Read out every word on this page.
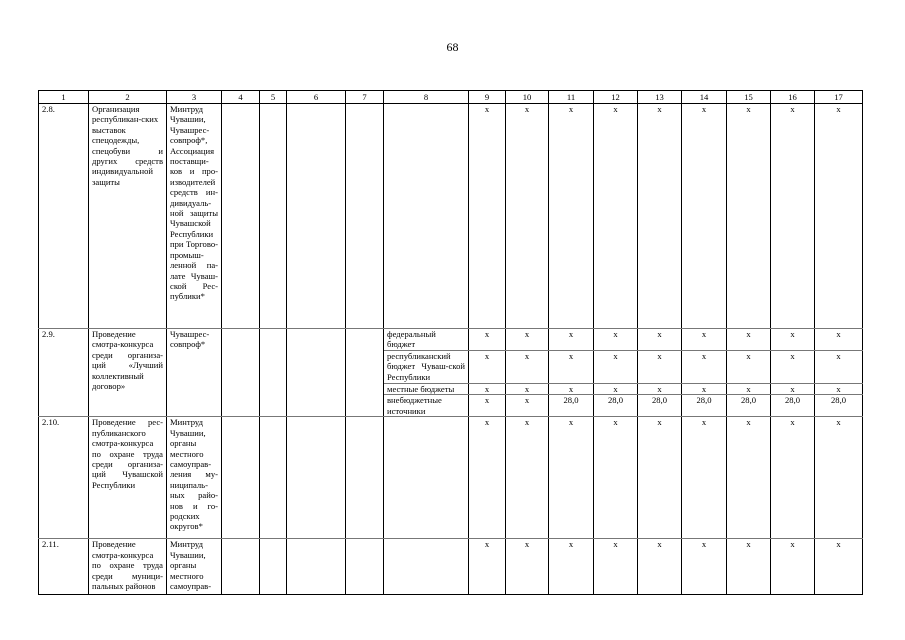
68
1	2	3	4	5	6	7	8	9	10	11	12	13	14	15	16	17
2.8.	Организация республикан-ских выставок спецодежды, спецобуви и других средств индивидуальной защиты	Минтруд Чувашии, Чувашрес-совпроф*, Ассоциация поставщи-ков и про-изводителей средств ин-дивидуаль-ной защиты Чувашской Республики при Торгово-промыш-ленной па-лате Чуваш-ской Рес-публики*						х	х	х	х	х	х	х	х	х
2.9.	Проведение смотра-конкурса среди организа-ций «Лучший коллективный договор»	Чувашрес-совпроф*					федеральный бюджет	х	х	х	х	х	х	х	х	х
							республиканский бюджет Чуваш-ской Республики	х	х	х	х	х	х	х	х	х
							местные бюджеты	х	х	х	х	х	х	х	х	х
							внебюджетные источники	х	х	28,0	28,0	28,0	28,0	28,0	28,0	28,0
2.10.	Проведение рес-публиканского смотра-конкурса по охране труда среди организа-ций Чувашской Республики	Минтруд Чувашии, органы местного самоуправ-ления му-ниципаль-ных райо-нов и го-родских округов*						х	х	х	х	х	х	х	х	х
2.11.	Проведение смотра-конкурса по охране труда среди муници-пальных районов	Минтруд Чувашии, органы местного самоуправ-						х	х	х	х	х	х	х	х	х
